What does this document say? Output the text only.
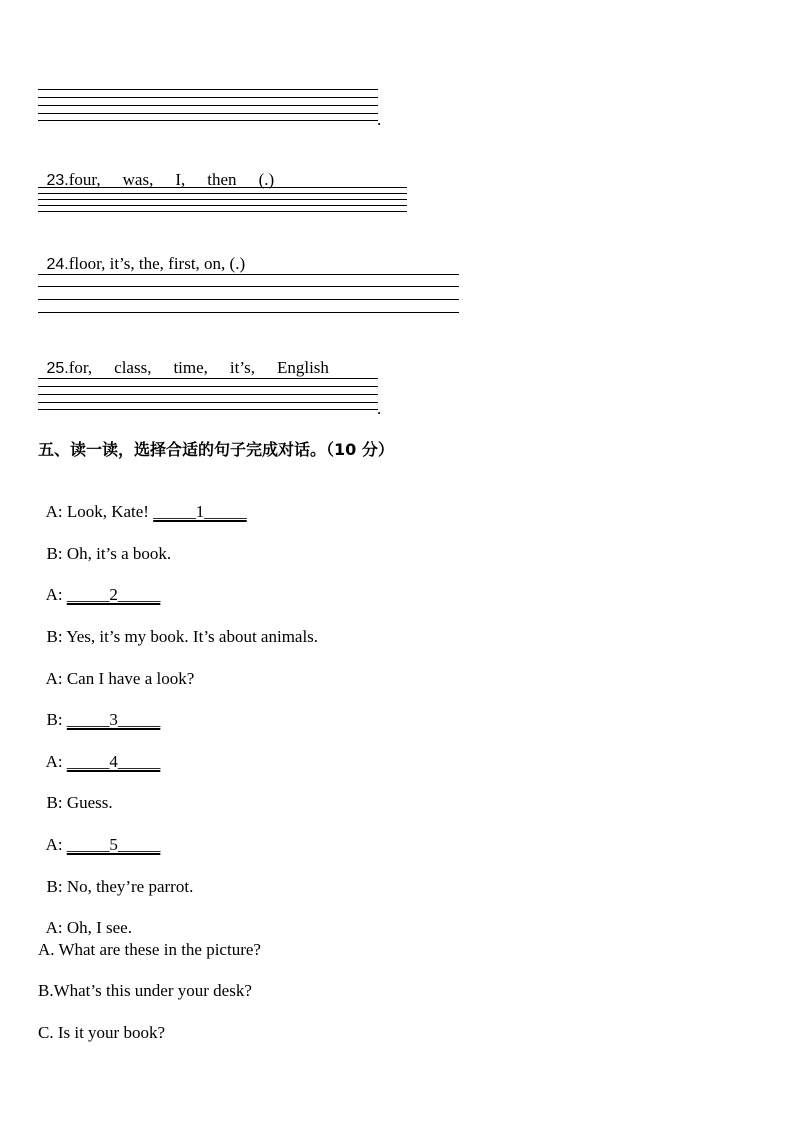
.

23.four, was, I, then (.)

24.floor, it’s, the, first, on, (.)

25.for, class, time, it’s, English

.
五、读一读，选择合适的句子完成对话。（10 分）

A: Look, Kate! _____1_____

B: Oh, it’s a book.

A: _____2_____

B: Yes, it’s my book. It’s about animals.

A: Can I have a look?

B: _____3_____

A: _____4_____

B: Guess.

A: _____5_____

B: No, they’re parrot.

A: Oh, I see.

A. What are these in the picture?
B.What’s this under your desk?
C. Is it your book?
